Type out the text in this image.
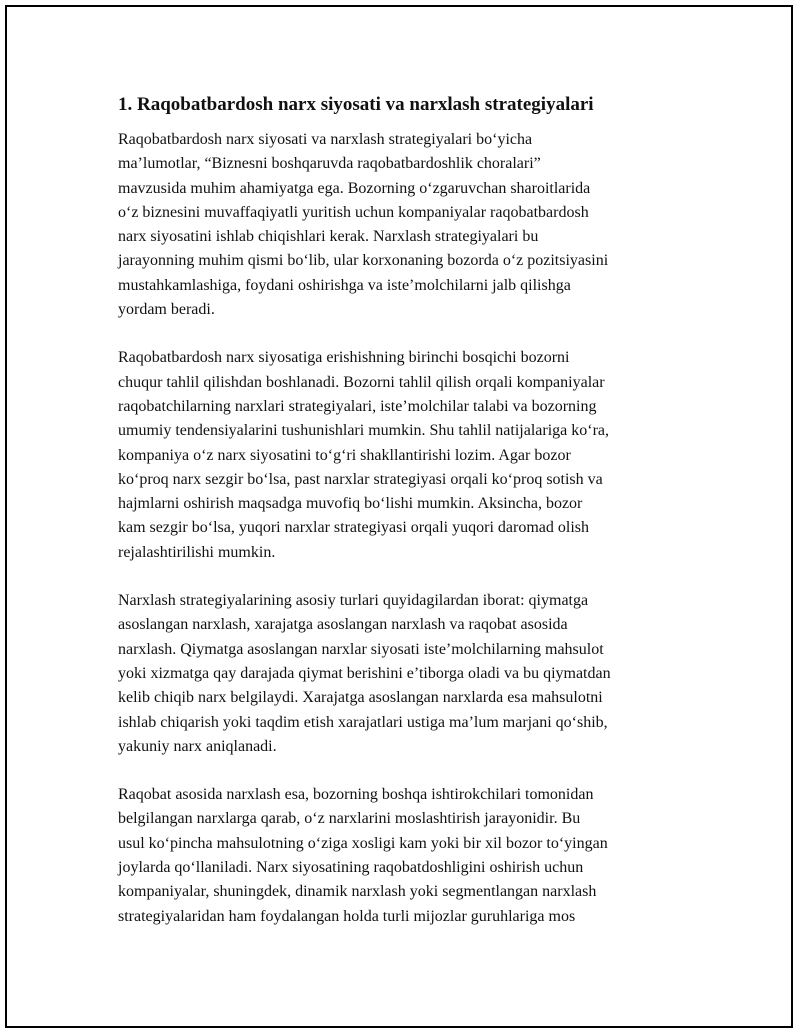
1. Raqobatbardosh narx siyosati va narxlash strategiyalari
Raqobatbardosh narx siyosati va narxlash strategiyalari bo‘yicha
ma’lumotlar, “Biznesni boshqaruvda raqobatbardoshlik choralari”
mavzusida muhim ahamiyatga ega. Bozorning o‘zgaruvchan sharoitlarida
o‘z biznesini muvaffaqiyatli yuritish uchun kompaniyalar raqobatbardosh
narx siyosatini ishlab chiqishlari kerak. Narxlash strategiyalari bu
jarayonning muhim qismi bo‘lib, ular korxonaning bozorda o‘z pozitsiyasini
mustahkamlashiga, foydani oshirishga va iste’molchilarni jalb qilishga
yordam beradi.
Raqobatbardosh narx siyosatiga erishishning birinchi bosqichi bozorni
chuqur tahlil qilishdan boshlanadi. Bozorni tahlil qilish orqali kompaniyalar
raqobatchilarning narxlari strategiyalari, iste’molchilar talabi va bozorning
umumiy tendensiyalarini tushunishlari mumkin. Shu tahlil natijalariga ko‘ra,
kompaniya o‘z narx siyosatini to‘g‘ri shakllantirishi lozim. Agar bozor
ko‘proq narx sezgir bo‘lsa, past narxlar strategiyasi orqali ko‘proq sotish va
hajmlarni oshirish maqsadga muvofiq bo‘lishi mumkin. Aksincha, bozor
kam sezgir bo‘lsa, yuqori narxlar strategiyasi orqali yuqori daromad olish
rejalashtirilishi mumkin.
Narxlash strategiyalarining asosiy turlari quyidagilardan iborat: qiymatga
asoslangan narxlash, xarajatga asoslangan narxlash va raqobat asosida
narxlash. Qiymatga asoslangan narxlar siyosati iste’molchilarning mahsulot
yoki xizmatga qay darajada qiymat berishini e’tiborga oladi va bu qiymatdan
kelib chiqib narx belgilaydi. Xarajatga asoslangan narxlarda esa mahsulotni
ishlab chiqarish yoki taqdim etish xarajatlari ustiga ma’lum marjani qo‘shib,
yakuniy narx aniqlanadi.
Raqobat asosida narxlash esa, bozorning boshqa ishtirokchilari tomonidan
belgilangan narxlarga qarab, o‘z narxlarini moslashtirish jarayonidir. Bu
usul ko‘pincha mahsulotning o‘ziga xosligi kam yoki bir xil bozor to‘yingan
joylarda qo‘llaniladi. Narx siyosatining raqobatdoshligini oshirish uchun
kompaniyalar, shuningdek, dinamik narxlash yoki segmentlangan narxlash
strategiyalaridan ham foydalangan holda turli mijozlar guruhlariga mos
